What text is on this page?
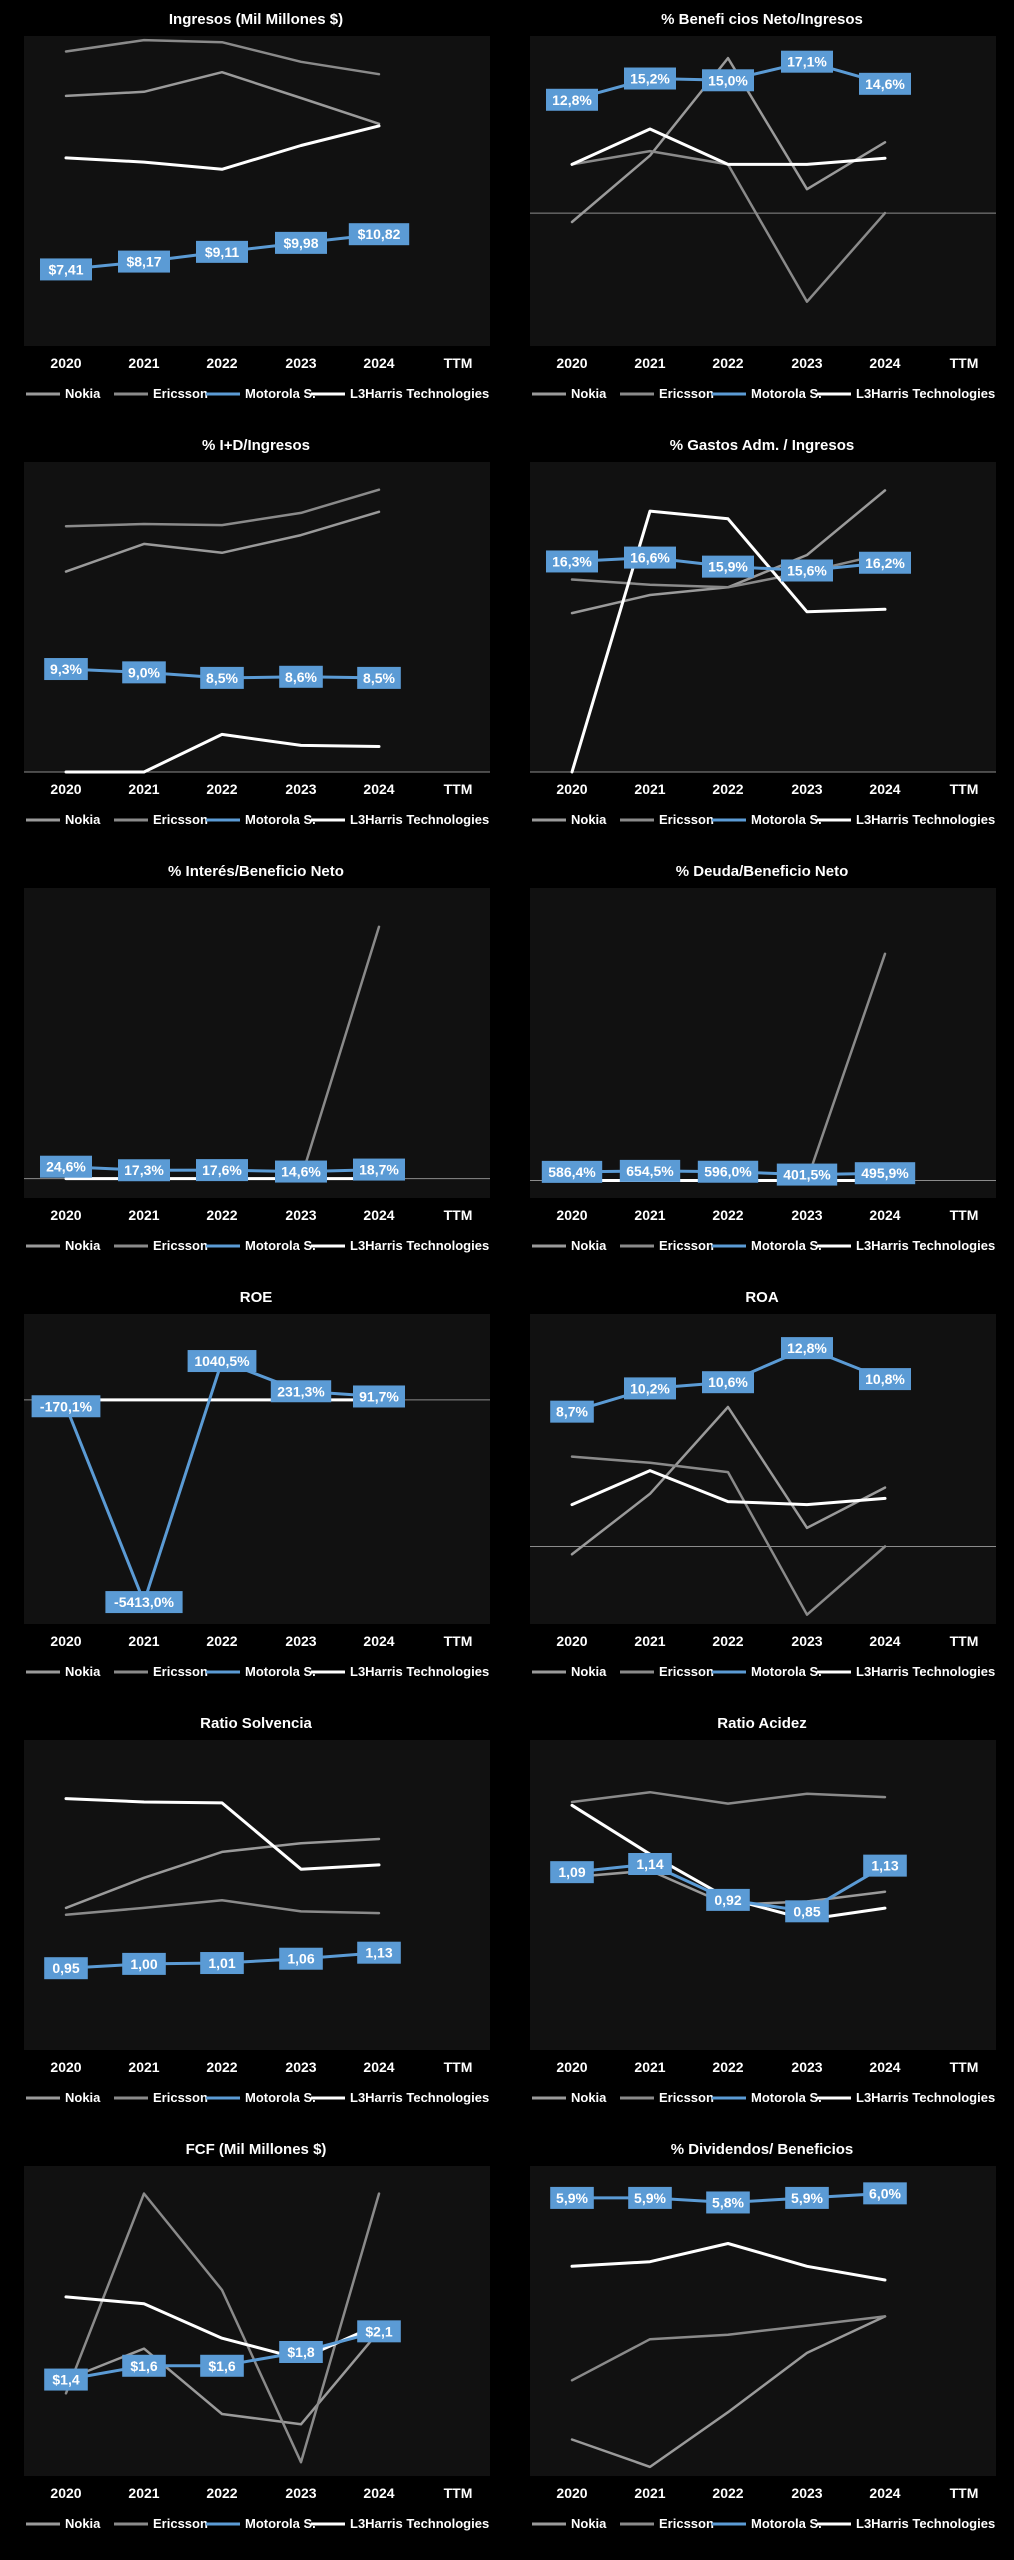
Ingresos (Mil Millones $)
2020	2021	2022	2023	2024	TTM
$7,41	$8,17
$9,11
$9,98
$10,82
Nokia	Ericsson	Motorola S.	L3Harris Technologies
% Benefi cios Neto/Ingresos
2020	2021	2022	2023	2024	TTM
12,8%
15,2%	15,0%
17,1%
14,6%
Nokia	Ericsson	Motorola S.	L3Harris Technologies
% I+D/Ingresos
2020	2021	2022	2023	2024	TTM
9,3%	9,0%	8,5%	8,6%	8,5%
Nokia	Ericsson	Motorola S.	L3Harris Technologies
% Gastos Adm. / Ingresos
2020	2021	2022	2023	2024	TTM
16,3%	16,6%
15,9%	15,6%	16,2%
Nokia	Ericsson	Motorola S.	L3Harris Technologies
% Interés/Beneficio Neto
2020	2021	2022	2023	2024	TTM
24,6%	17,3%	17,6%	14,6%	18,7%
Nokia	Ericsson	Motorola S.	L3Harris Technologies
% Deuda/Beneficio Neto
2020	2021	2022	2023	2024	TTM
586,4% 654,5% 596,0% 401,5% 495,9%
Nokia	Ericsson	Motorola S.	L3Harris Technologies
ROE
2020	2021	2022	2023	2024	TTM
-170,1%
-5413,0%
1040,5%
231,3% 91,7%
Nokia	Ericsson	Motorola S.	L3Harris Technologies
ROA
2020	2021	2022	2023	2024	TTM
8,7%
10,2%	10,6%
12,8%
10,8%
Nokia	Ericsson	Motorola S.	L3Harris Technologies
Ratio Solvencia
2020	2021	2022	2023	2024	TTM
0,95	1,00	1,01	1,06	1,13
Nokia	Ericsson	Motorola S.	L3Harris Technologies
Ratio Acidez
2020	2021	2022	2023	2024	TTM
1,09
1,14
0,92
0,85
1,13
Nokia	Ericsson	Motorola S.	L3Harris Technologies
FCF (Mil Millones $)
2020	2021	2022	2023	2024	TTM
$1,4
$1,6	$1,6
$1,8
$2,1
Nokia	Ericsson	Motorola S.	L3Harris Technologies
% Dividendos/ Beneficios
2020	2021	2022	2023	2024	TTM
5,9%	5,9%	5,8%	5,9%	6,0%
Nokia	Ericsson	Motorola S.	L3Harris Technologies
